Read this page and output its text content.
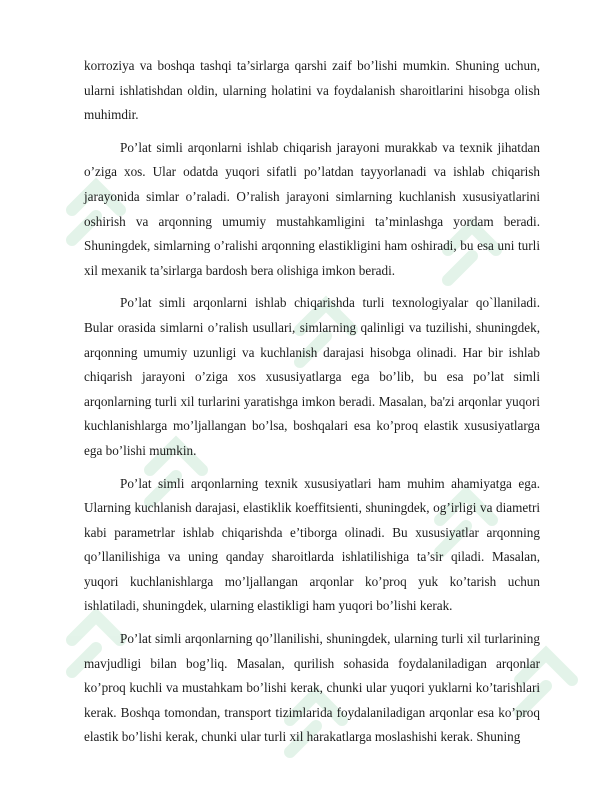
korroziya va boshqa tashqi ta’sirlarga qarshi zaif bo’lishi mumkin. Shuning uchun, ularni ishlatishdan oldin, ularning holatini va foydalanish sharoitlarini hisobga olish muhimdir.

Po’lat simli arqonlarni ishlab chiqarish jarayoni murakkab va texnik jihatdan o’ziga xos. Ular odatda yuqori sifatli po’latdan tayyorlanadi va ishlab chiqarish jarayonida simlar o’raladi. O’ralish jarayoni simlarning kuchlanish xususiyatlarini oshirish va arqonning umumiy mustahkamligini ta’minlashga yordam beradi. Shuningdek, simlarning o’ralishi arqonning elastikligini ham oshiradi, bu esa uni turli xil mexanik ta’sirlarga bardosh bera olishiga imkon beradi.

Po’lat simli arqonlarni ishlab chiqarishda turli texnologiyalar qo`llaniladi. Bular orasida simlarni o’ralish usullari, simlarning qalinligi va tuzilishi, shuningdek, arqonning umumiy uzunligi va kuchlanish darajasi hisobga olinadi. Har bir ishlab chiqarish jarayoni o’ziga xos xususiyatlarga ega bo’lib, bu esa po’lat simli arqonlarning turli xil turlarini yaratishga imkon beradi. Masalan, ba'zi arqonlar yuqori kuchlanishlarga mo’ljallangan bo’lsa, boshqalari esa ko’proq elastik xususiyatlarga ega bo’lishi mumkin.

Po’lat simli arqonlarning texnik xususiyatlari ham muhim ahamiyatga ega. Ularning kuchlanish darajasi, elastiklik koeffitsienti, shuningdek, og’irligi va diametri kabi parametrlar ishlab chiqarishda e’tiborga olinadi. Bu xususiyatlar arqonning qo’llanilishiga va uning qanday sharoitlarda ishlatilishiga ta’sir qiladi. Masalan, yuqori kuchlanishlarga mo’ljallangan arqonlar ko’proq yuk ko’tarish uchun ishlatiladi, shuningdek, ularning elastikligi ham yuqori bo’lishi kerak.

Po’lat simli arqonlarning qo’llanilishi, shuningdek, ularning turli xil turlarining mavjudligi bilan bog’liq. Masalan, qurilish sohasida foydalaniladigan arqonlar ko’proq kuchli va mustahkam bo’lishi kerak, chunki ular yuqori yuklarni ko’tarishlari kerak. Boshqa tomondan, transport tizimlarida foydalaniladigan arqonlar esa ko’proq elastik bo’lishi kerak, chunki ular turli xil harakatlarga moslashishi kerak. Shuning
